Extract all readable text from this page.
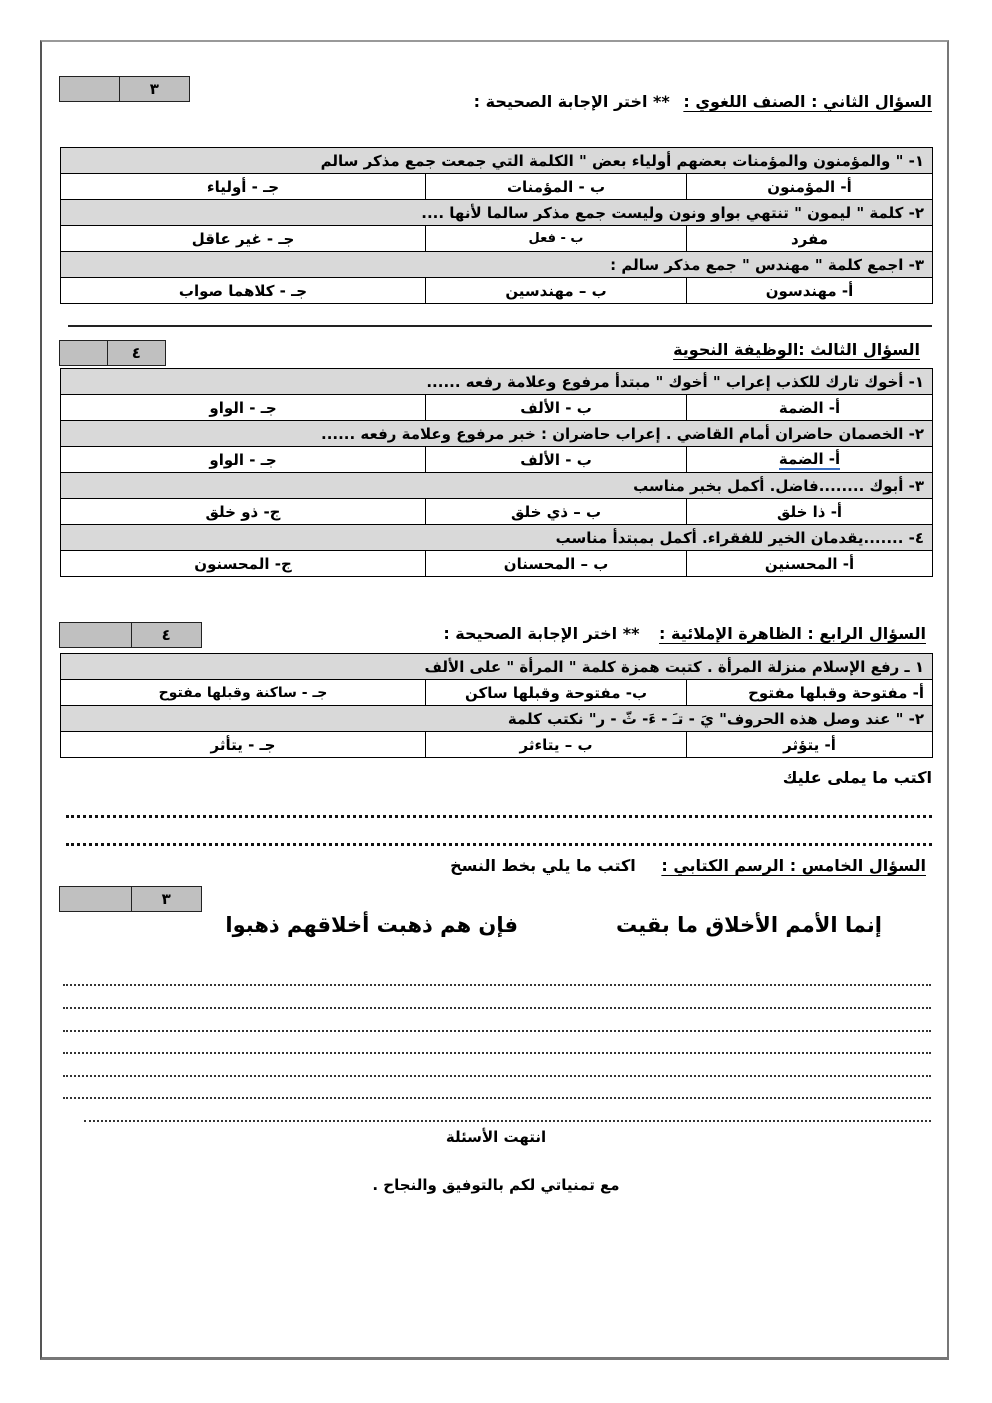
٣
السؤال الثاني : الصنف اللغوي : ** اختر الإجابة الصحيحة :
١- " والمؤمنون والمؤمنات بعضهم أولياء بعض " الكلمة التي جمعت جمع مذكر سالم		
أ- المؤمنون	ب - المؤمنات	جـ - أولياء
٢- كلمة " ليمون " تنتهي بواو ونون وليست جمع مذكر سالما لأنها ....		
مفرد	ب - فعل	جـ - غير عاقل
٣- اجمع كلمة " مهندس " جمع مذكر سالم :		
أ- مهندسون	ب – مهندسين	جـ - كلاهما صواب
٤	السؤال الثالث :الوظيفة النحوية
١- أخوك تارك للكذب إعراب " أخوك " مبتدأ مرفوع وعلامة رفعه ......		
أ- الضمة	ب - الألف	جـ - الواو
٢- الخصمان حاضران أمام القاضي . إعراب حاضران : خبر مرفوع وعلامة رفعه ......		
أ- الضمة	ب - الألف	جـ - الواو
٣- أبوك ........فاضل. أكمل بخبر مناسب		
أ- ذا خلق	ب – ذي خلق	ج- ذو خلق
٤- .......يقدمان الخير للفقراء. أكمل بمبتدأ مناسب		
أ- المحسنين	ب – المحسنان	ج- المحسنون
٤	السؤال الرابع : الظاهرة الإملائية : ** اختر الإجابة الصحيحة :
١ ـ رفع الإسلام منزلة المرأة . كتبت همزة كلمة " المرأة " على الألف		
أ- مفتوحة وقبلها مفتوح	ب- مفتوحة وقبلها ساكن	جـ - ساكنة وقبلها مفتوح
٢- " عند وصل هذه الحروف" يَ - تـَ - ءَ- ثّ - ر" نكتب كلمة		
أ- يتؤثر	ب – يتاءثر	جـ - يتأثر
اكتب ما يملى عليك
السؤال الخامس : الرسم الكتابي : اكتب ما يلي بخط النسخ
٣
إنما الأمم الأخلاق ما بقيت
فإن هم ذهبت أخلاقهم ذهبوا
انتهت الأسئلة
مع تمنياتي لكم بالتوفيق والنجاح .
